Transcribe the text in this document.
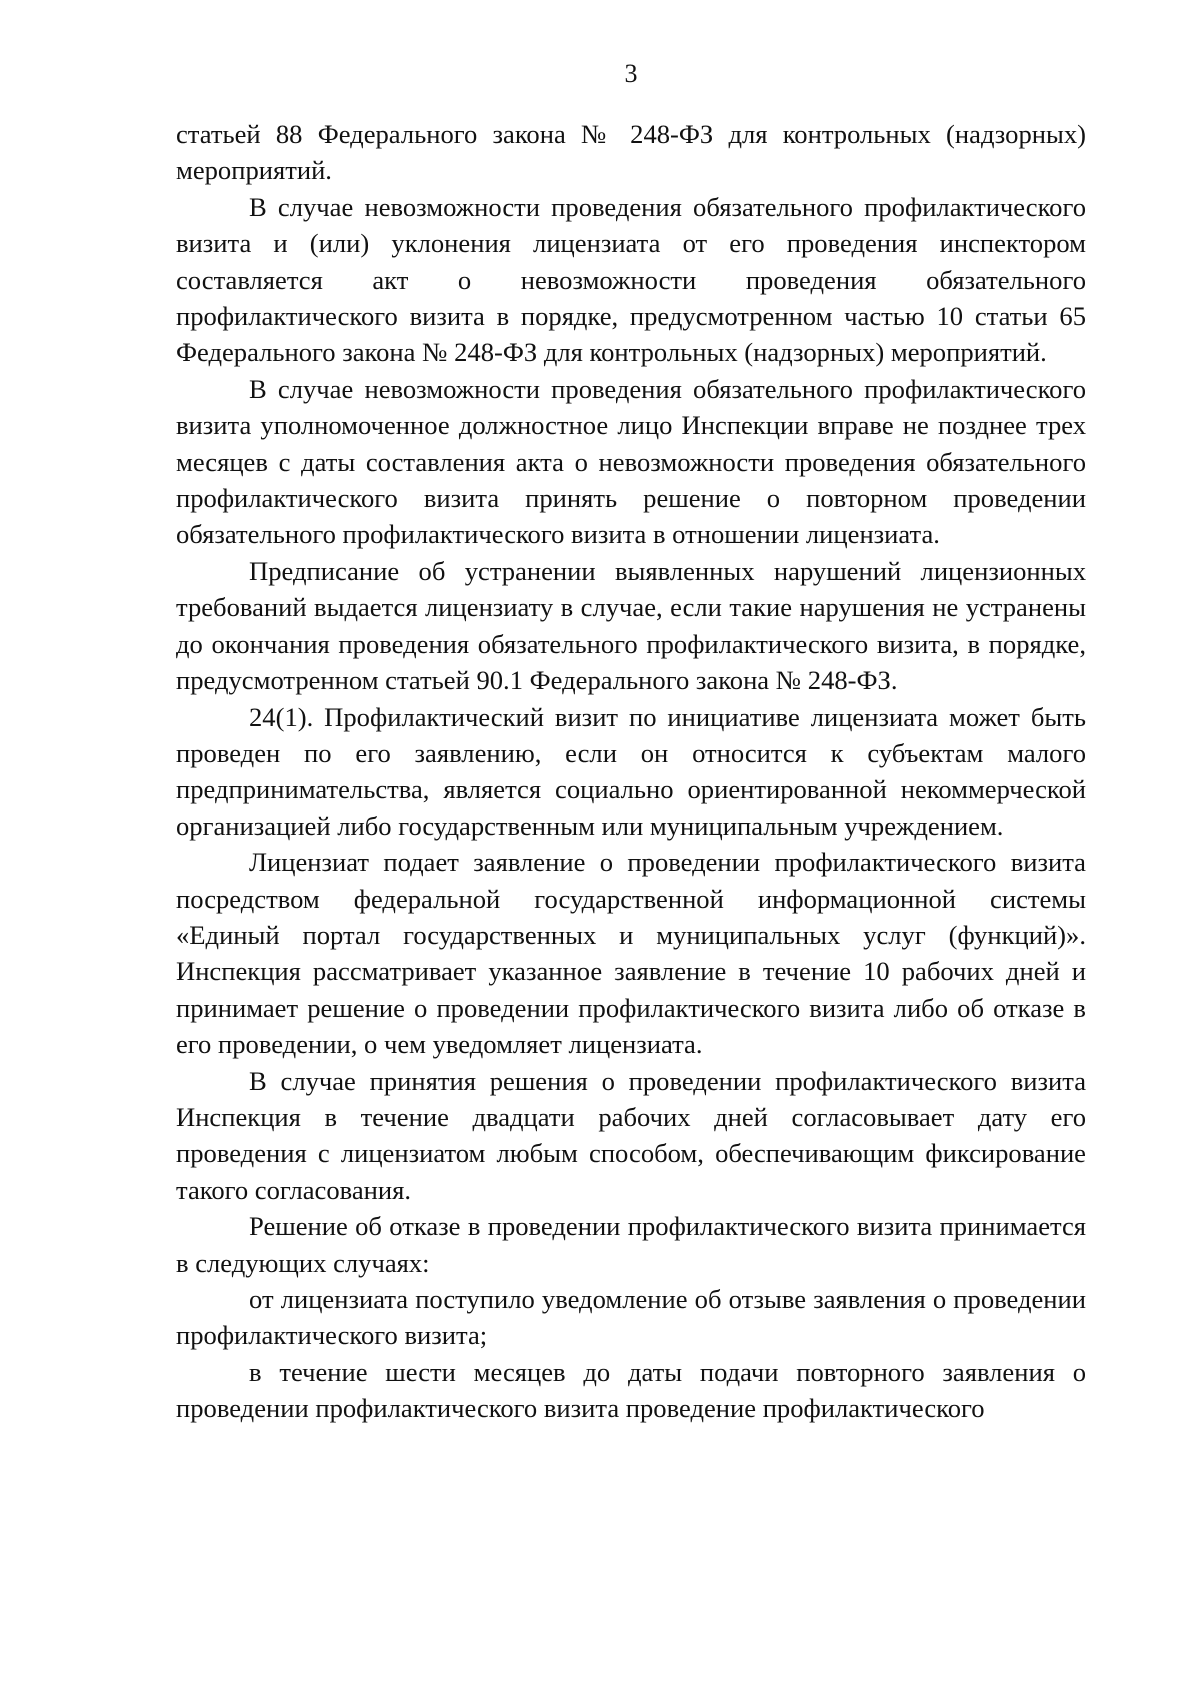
3

статьей 88 Федерального закона № 248-ФЗ для контрольных (надзорных) мероприятий.

В случае невозможности проведения обязательного профилактического визита и (или) уклонения лицензиата от его проведения инспектором составляется акт о невозможности проведения обязательного профилактического визита в порядке, предусмотренном частью 10 статьи 65 Федерального закона № 248-ФЗ для контрольных (надзорных) мероприятий.

В случае невозможности проведения обязательного профилактического визита уполномоченное должностное лицо Инспекции вправе не позднее трех месяцев с даты составления акта о невозможности проведения обязательного профилактического визита принять решение о повторном проведении обязательного профилактического визита в отношении лицензиата.

Предписание об устранении выявленных нарушений лицензионных требований выдается лицензиату в случае, если такие нарушения не устранены до окончания проведения обязательного профилактического визита, в порядке, предусмотренном статьей 90.1 Федерального закона № 248-ФЗ.

24(1). Профилактический визит по инициативе лицензиата может быть проведен по его заявлению, если он относится к субъектам малого предпринимательства, является социально ориентированной некоммерческой организацией либо государственным или муниципальным учреждением.

Лицензиат подает заявление о проведении профилактического визита посредством федеральной государственной информационной системы «Единый портал государственных и муниципальных услуг (функций)». Инспекция рассматривает указанное заявление в течение 10 рабочих дней и принимает решение о проведении профилактического визита либо об отказе в его проведении, о чем уведомляет лицензиата.

В случае принятия решения о проведении профилактического визита Инспекция в течение двадцати рабочих дней согласовывает дату его проведения с лицензиатом любым способом, обеспечивающим фиксирование такого согласования.

Решение об отказе в проведении профилактического визита принимается в следующих случаях:

от лицензиата поступило уведомление об отзыве заявления о проведении профилактического визита;

в течение шести месяцев до даты подачи повторного заявления о проведении профилактического визита проведение профилактического
